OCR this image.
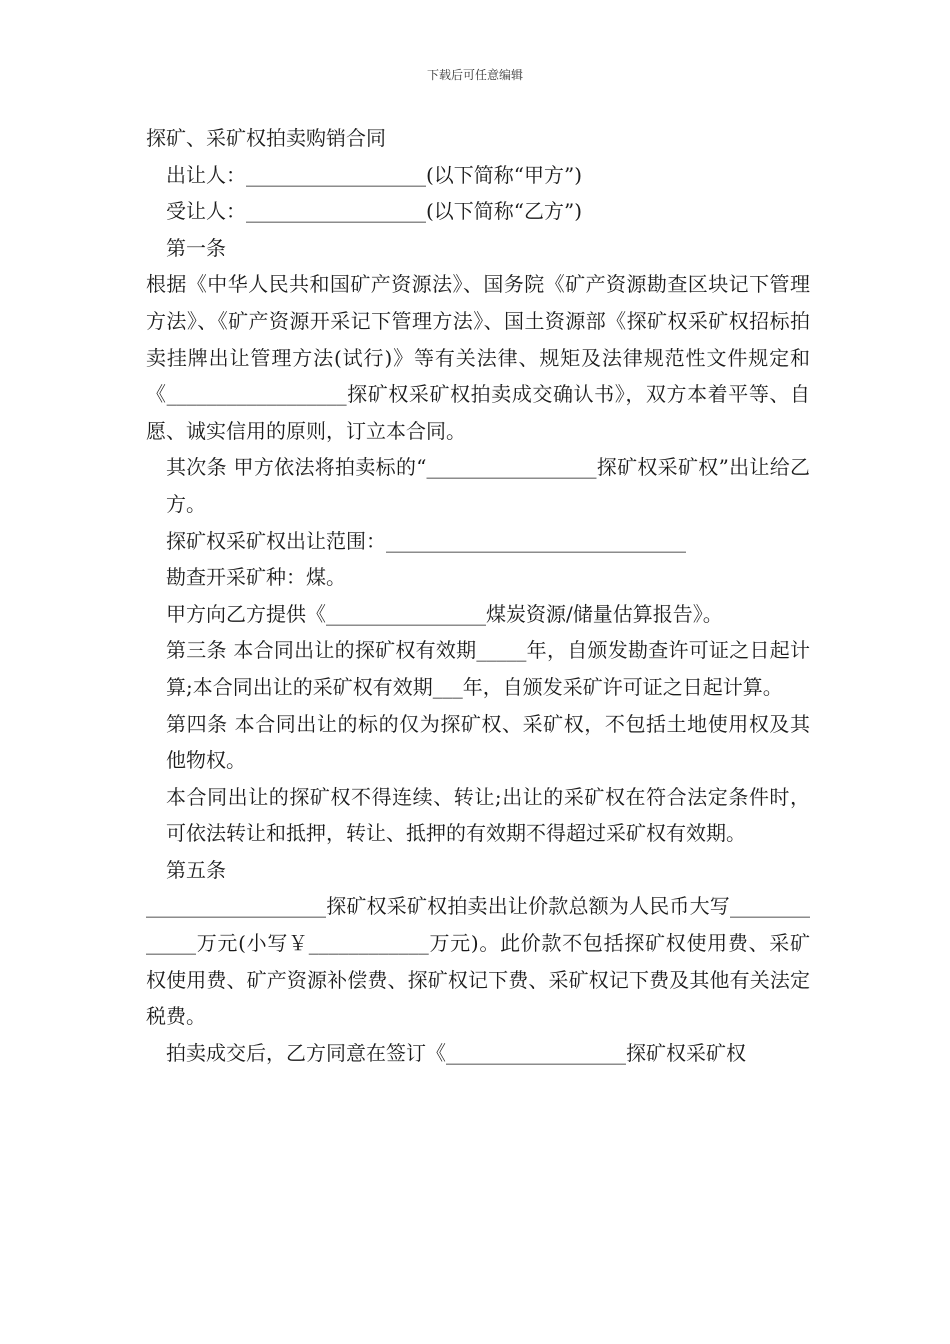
下载后可任意编辑

探矿、采矿权拍卖购销合同

出让人：__________________(以下简称“甲方”)

受让人：__________________(以下简称“乙方”)

第一条

根据《中华人民共和国矿产资源法》、国务院《矿产资源勘查区块记下管理方法》、《矿产资源开采记下管理方法》、国土资源部《探矿权采矿权招标拍卖挂牌出让管理方法(试行)》等有关法律、规矩及法律规范性文件规定和《__________________探矿权采矿权拍卖成交确认书》，双方本着平等、自愿、诚实信用的原则，订立本合同。

其次条 甲方依法将拍卖标的“_________________探矿权采矿权”出让给乙方。

探矿权采矿权出让范围：______________________________

勘查开采矿种：煤。

甲方向乙方提供《________________煤炭资源/储量估算报告》。

第三条 本合同出让的探矿权有效期_____年，自颁发勘查许可证之日起计算;本合同出让的采矿权有效期___年，自颁发采矿许可证之日起计算。

第四条 本合同出让的标的仅为探矿权、采矿权，不包括土地使用权及其他物权。

本合同出让的探矿权不得连续、转让;出让的采矿权在符合法定条件时，可依法转让和抵押，转让、抵押的有效期不得超过采矿权有效期。

第五条

__________________探矿权采矿权拍卖出让价款总额为人民币大写_____________万元(小写￥____________万元)。此价款不包括探矿权使用费、采矿权使用费、矿产资源补偿费、探矿权记下费、采矿权记下费及其他有关法定税费。

拍卖成交后，乙方同意在签订《__________________探矿权采矿权
